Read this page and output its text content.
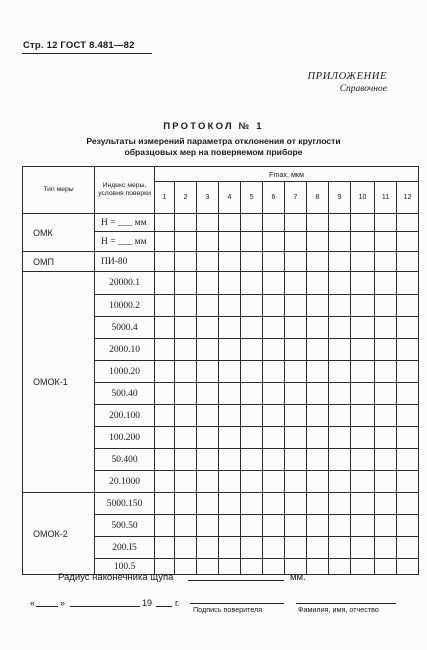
Стр. 12 ГОСТ 8.481—82
ПРИЛОЖЕНИЕ
Справочное
ПРОТОКОЛ № 1
Результаты измерений параметра отклонения от круглости
образцовых мер на поверяемом приборе
Тип меры	Индекс меры, условия поверки	Fmax, мкм											
		1	2	3	4	5	6	7	8	9	10	11	12
ОМК	H = ___ мм												
	H = ___ мм												
ОМП	ПИ-80												
ОМОК-1	20000.1												
	10000.2												
	5000.4												
	2000.10												
	1000.20												
	500.40												
	200.100												
	100.200												
	50.400												
	20.1000												
ОМОК-2	5000.150												
	500.50												
	200.I5												
	100.5												
Радиус наконечника щупа	мм.
«	»	19	г.
Подпись поверителя	Фамилия, имя, отчество
